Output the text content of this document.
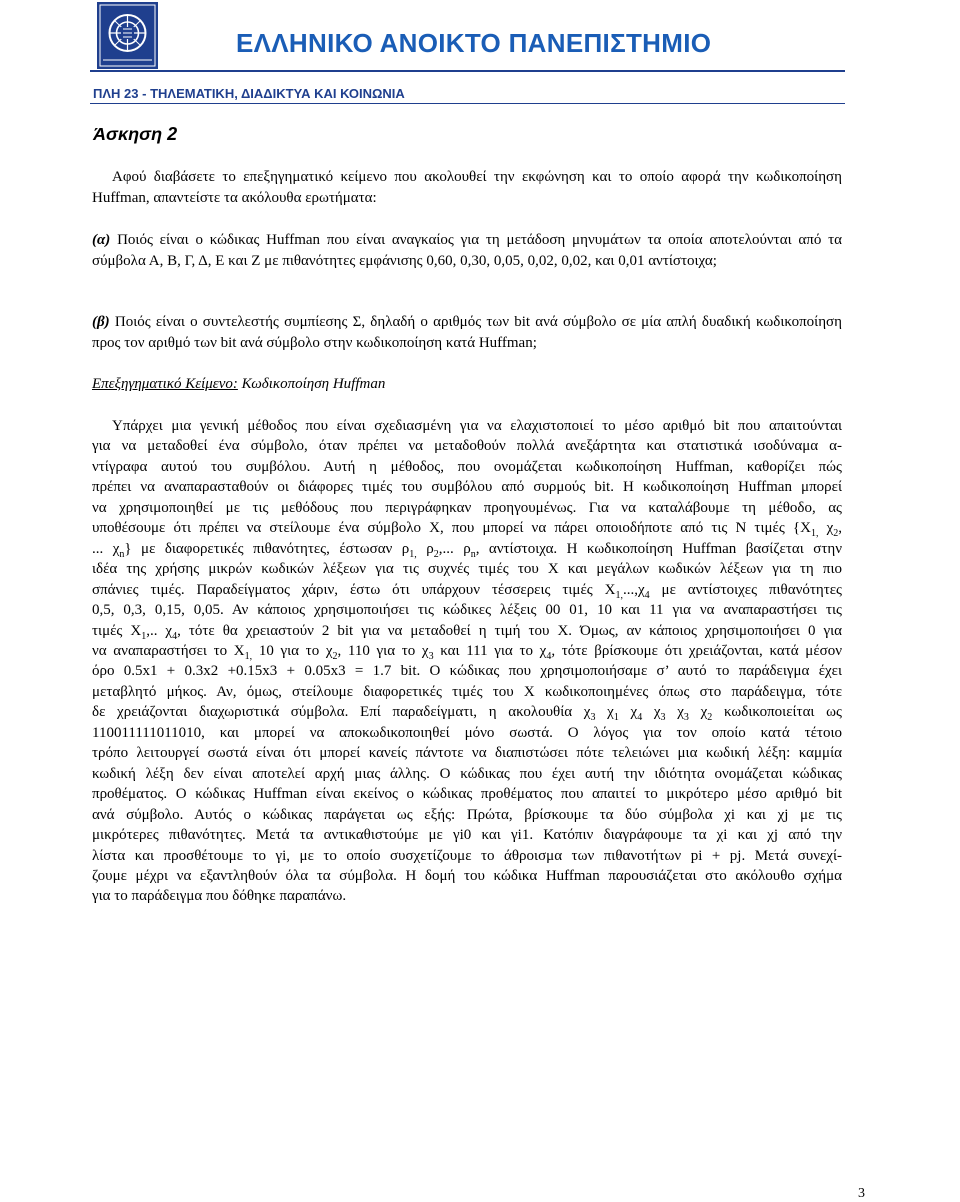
ΕΛΛΗΝΙΚΟ ΑΝΟΙΚΤΟ ΠΑΝΕΠΙΣΤΗΜΙΟ

ΠΛΗ 23 - ΤΗΛΕΜΑΤΙΚΗ, ΔΙΑΔΙΚΤΥΑ ΚΑΙ ΚΟΙΝΩΝΙΑ

Άσκηση 2

Αφού διαβάσετε το επεξηγηματικό κείμενο που ακολουθεί την εκφώνηση και το οποίο αφορά την κωδικοποίηση Huffman, απαντείστε τα ακόλουθα ερωτήματα:

(α) Ποιός είναι ο κώδικας Huffman που είναι αναγκαίος για τη μετάδοση μηνυμάτων τα οποία αποτελούνται από τα σύμβολα Α, Β, Γ, Δ, Ε και Ζ με πιθανότητες εμφάνισης 0,60, 0,30, 0,05, 0,02, 0,02, και 0,01 αντίστοιχα;

(β) Ποιός είναι ο συντελεστής συμπίεσης Σ, δηλαδή ο αριθμός των bit ανά σύμβολο σε μία απλή δυαδική κωδικοποίηση προς τον αριθμό των bit ανά σύμβολο στην κωδικοποίηση κατά Huffman;

Επεξηγηματικό Κείμενο: Κωδικοποίηση Huffman

Υπάρχει μια γενική μέθοδος που είναι σχεδιασμένη για να ελαχιστοποιεί το μέσο αριθμό bit που απαιτούνται
για να μεταδοθεί ένα σύμβολο, όταν πρέπει να μεταδοθούν πολλά ανεξάρτητα και στατιστικά ισοδύναμα α-
ντίγραφα αυτού του συμβόλου. Αυτή η μέθοδος, που ονομάζεται κωδικοποίηση Huffman, καθορίζει πώς
πρέπει να αναπαρασταθούν οι διάφορες τιμές του συμβόλου από συρμούς bit. Η κωδικοποίηση Huffman μπορεί
να χρησιμοποιηθεί με τις μεθόδους που περιγράφηκαν προηγουμένως. Για να καταλάβουμε τη μέθοδο, ας
υποθέσουμε ότι πρέπει να στείλουμε ένα σύμβολο Χ, που μπορεί να πάρει οποιοδήποτε από τις Ν τιμές {$X_{1,}$ $\chi_2$,
... $\chi_n$} με διαφορετικές πιθανότητες, έστωσαν $\rho_{1,}$ $\rho_2$,... $\rho_n$, αντίστοιχα. Η κωδικοποίηση Huffman βασίζεται στην
ιδέα της χρήσης μικρών κωδικών λέξεων για τις συχνές τιμές του Χ και μεγάλων κωδικών λέξεων για τη πιο
σπάνιες τιμές. Παραδείγματος χάριν, έστω ότι υπάρχουν τέσσερεις τιμές $X_{1,}...,\chi_4$ με αντίστοιχες πιθανότητες
0,5, 0,3, 0,15, 0,05. Αν κάποιος χρησιμοποιήσει τις κώδικες λέξεις 00 01, 10 και 11 για να αναπαραστήσει τις
τιμές $X_1$,.. $\chi_4$, τότε θα χρειαστούν 2 bit για να μεταδοθεί η τιμή του Χ. Όμως, αν κάποιος χρησιμοποιήσει 0 για
να αναπαραστήσει το $X_{1,}$ 10 για το $\chi_2$, 110 για το $\chi_3$ και 111 για το $\chi_4$, τότε βρίσκουμε ότι χρειάζονται, κατά μέσον
όρο 0.5x1 + 0.3x2 +0.15x3 + 0.05x3 = 1.7 bit. Ο κώδικας που χρησιμοποιήσαμε σ’ αυτό το παράδειγμα έχει
μεταβλητό μήκος. Αν, όμως, στείλουμε διαφορετικές τιμές του Χ κωδικοποιημένες όπως στο παράδειγμα, τότε
δε χρειάζονται διαχωριστικά σύμβολα. Επί παραδείγματι, η ακολουθία $\chi_3$ $\chi_1$ $\chi_4$ $\chi_3$ $\chi_3$ $\chi_2$ κωδικοποιείται ως
110011111011010, και μπορεί να αποκωδικοποιηθεί μόνο σωστά. Ο λόγος για τον οποίο κατά τέτοιο
τρόπο λειτουργεί σωστά είναι ότι μπορεί κανείς πάντοτε να διαπιστώσει πότε τελειώνει μια κωδική λέξη: καμμία
κωδική λέξη δεν είναι αποτελεί αρχή μιας άλλης. Ο κώδικας που έχει αυτή την ιδιότητα ονομάζεται κώδικας
προθέματος. Ο κώδικας Huffman είναι εκείνος ο κώδικας προθέματος που απαιτεί το μικρότερο μέσο αριθμό bit
ανά σύμβολο. Αυτός ο κώδικας παράγεται ως εξής: Πρώτα, βρίσκουμε τα δύο σύμβολα χi και χj με τις
μικρότερες πιθανότητες. Μετά τα αντικαθιστούμε με γi0 και γi1. Κατόπιν διαγράφουμε τα χi και χj από την
λίστα και προσθέτουμε το γi, με το οποίο συσχετίζουμε το άθροισμα των πιθανοτήτων pi + pj. Μετά συνεχί-
ζουμε μέχρι να εξαντληθούν όλα τα σύμβολα. Η δομή του κώδικα Huffman παρουσιάζεται στο ακόλουθο σχήμα
για το παράδειγμα που δόθηκε παραπάνω.

3
